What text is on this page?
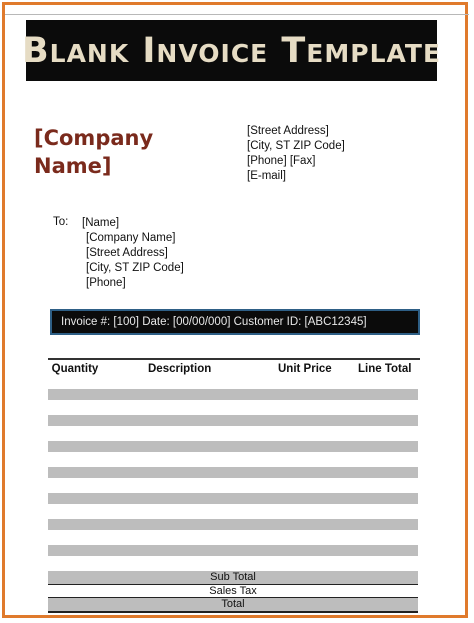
Blank Invoice Template
[Company Name]
[Street Address]
[City, ST ZIP Code]
[Phone] [Fax]
[E-mail]
To: [Name]
[Company Name]
[Street Address]
[City, ST ZIP Code]
[Phone]
Invoice #: [100] Date: [00/00/000] Customer ID: [ABC12345]
Quantity	Description	Unit Price Line Total
Sub Total
Sales Tax
Total
